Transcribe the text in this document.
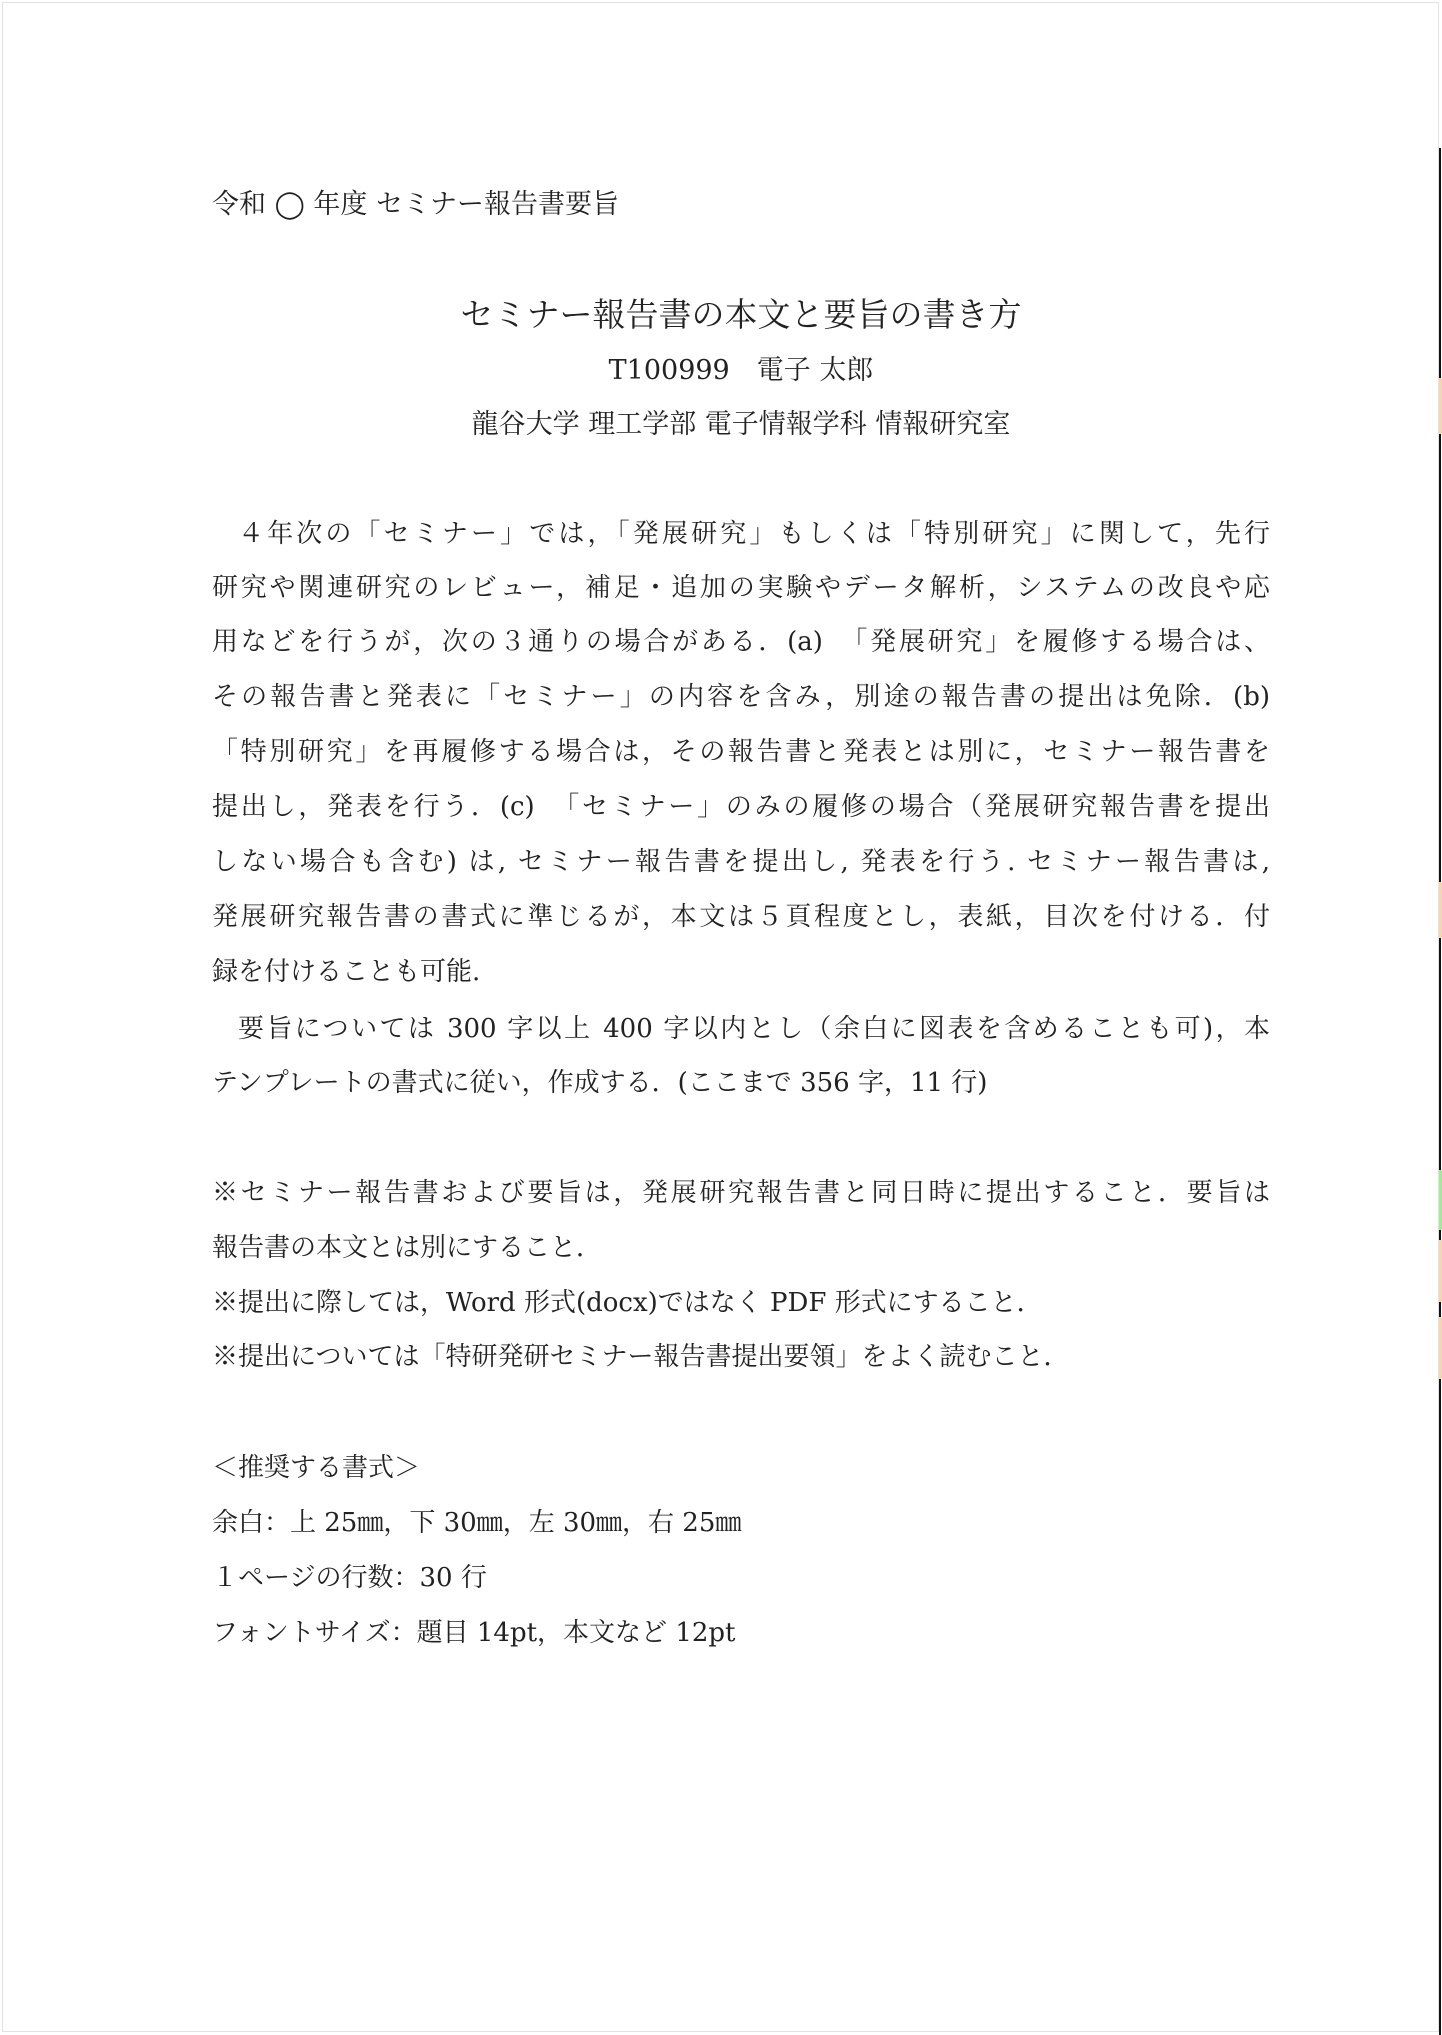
令和 ◯ 年度 セミナー報告書要旨
セミナー報告書の本文と要旨の書き方
T100999　電子 太郎
龍谷大学 理工学部 電子情報学科 情報研究室
４年次の「セミナー」では，「発展研究」もしくは「特別研究」に関して，先行
研究や関連研究のレビュー，補足・追加の実験やデータ解析，システムの改良や応
用などを行うが，次の３通りの場合がある．(a)　「発展研究」を履修する場合は、
その報告書と発表に「セミナー」の内容を含み，別途の報告書の提出は免除．(b)
「特別研究」を再履修する場合は，その報告書と発表とは別に，セミナー報告書を
提出し，発表を行う．(c)　「セミナー」のみの履修の場合（発展研究報告書を提出
しない場合も含む) は, セミナー報告書を提出し, 発表を行う. セミナー報告書は,
発展研究報告書の書式に準じるが，本文は５頁程度とし，表紙，目次を付ける．付
録を付けることも可能.
要旨については 300 字以上 400 字以内とし（余白に図表を含めることも可)，本
テンプレートの書式に従い，作成する．(ここまで 356 字，11 行)
※セミナー報告書および要旨は，発展研究報告書と同日時に提出すること．要旨は
報告書の本文とは別にすること．
※提出に際しては，Word 形式(docx)ではなく PDF 形式にすること．
※提出については「特研発研セミナー報告書提出要領」をよく読むこと．
＜推奨する書式＞
余白：上 25㎜，下 30㎜，左 30㎜，右 25㎜
１ページの行数：30 行
フォントサイズ：題目 14pt，本文など 12pt
